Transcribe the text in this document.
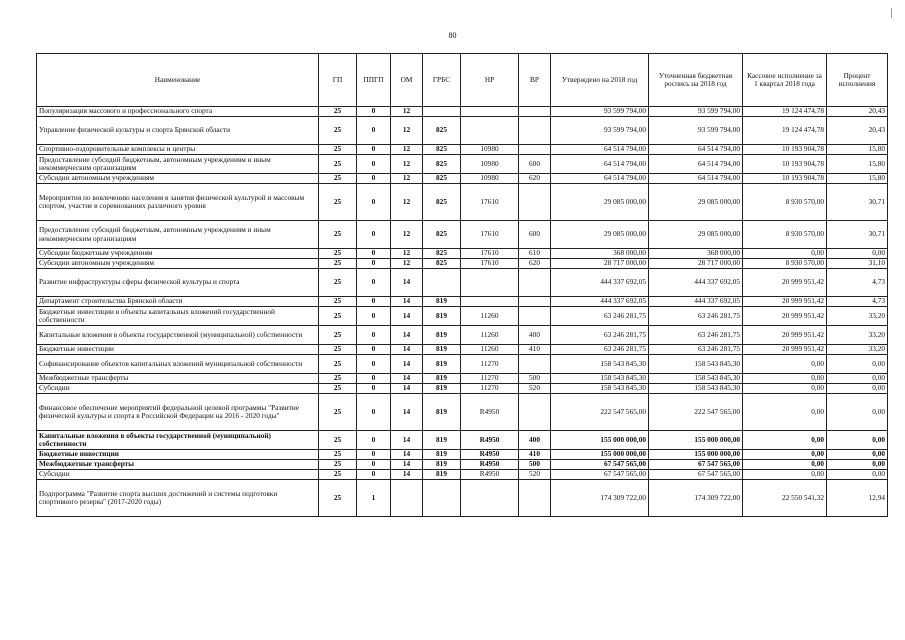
80
Наименование	ГП	ППГП	ОМ	ГРБС	НР	ВР	Утверждено на 2018 год	Уточненная бюджетная роспись на 2018 год	Кассовое исполнение за 1 квартал 2018 года	Процент исполнения
Популяризация массового и профессионального спорта	25	0	12				93 599 794,00	93 599 794,00	19 124 474,78	20,43
Управление физической культуры и спорта Брянской области	25	0	12	825			93 599 794,00	93 599 794,00	19 124 474,78	20,43
Спортивно-оздоровительные комплексы и центры	25	0	12	825	10980		64 514 794,00	64 514 794,00	10 193 904,78	15,80
Предоставление субсидий бюджетным, автономным учреждениям и иным некоммерческим организациям	25	0	12	825	10980	600	64 514 794,00	64 514 794,00	10 193 904,78	15,80
Субсидии автономным учреждениям	25	0	12	825	10980	620	64 514 794,00	64 514 794,00	10 193 904,78	15,80
Мероприятия по вовлечению населения в занятия физической культурой и массовым спортом, участие в соревнованиях различного уровня	25	0	12	825	17610		29 085 000,00	29 085 000,00	8 930 570,00	30,71
Предоставление субсидий бюджетным, автономным учреждениям и иным некоммерческим организациям	25	0	12	825	17610	600	29 085 000,00	29 085 000,00	8 930 570,00	30,71
Субсидии бюджетным учреждениям	25	0	12	825	17610	610	368 000,00	368 000,00	0,00	0,00
Субсидии автономным учреждениям	25	0	12	825	17610	620	28 717 000,00	28 717 000,00	8 930 570,00	31,10
Развитие инфраструктуры сферы физической культуры и спорта	25	0	14				444 337 692,05	444 337 692,05	20 999 951,42	4,73
Департамент строительства Брянской области	25	0	14	819			444 337 692,05	444 337 692,05	20 999 951,42	4,73
Бюджетные инвестиции в объекты капитальных вложений государственной собственности	25	0	14	819	11260		63 246 281,75	63 246 281,75	20 999 951,42	33,20
Капитальные вложения в объекты государственной (муниципальной) собственности	25	0	14	819	11260	400	63 246 281,75	63 246 281,75	20 999 951,42	33,20
Бюджетные инвестиции	25	0	14	819	11260	410	63 246 281,75	63 246 281,75	20 999 951,42	33,20
Софинансирование объектов капитальных вложений муниципальной собственности	25	0	14	819	11270		158 543 845,30	158 543 845,30	0,00	0,00
Межбюджетные трансферты	25	0	14	819	11270	500	158 543 845,30	158 543 845,30	0,00	0,00
Субсидии	25	0	14	819	11270	520	158 543 845,30	158 543 845,30	0,00	0,00
Финансовое обеспечение мероприятий федеральной целевой программы "Развитие физической культуры и спорта в Российской Федерации на 2016 - 2020 годы"	25	0	14	819	R4950		222 547 565,00	222 547 565,00	0,00	0,00
Капитальные вложения в объекты государственной (муниципальной) собственности	25	0	14	819	R4950	400	155 000 000,00	155 000 000,00	0,00	0,00
Бюджетные инвестиции	25	0	14	819	R4950	410	155 000 000,00	155 000 000,00	0,00	0,00
Межбюджетные трансферты	25	0	14	819	R4950	500	67 547 565,00	67 547 565,00	0,00	0,00
Субсидии	25	0	14	819	R4950	520	67 547 565,00	67 547 565,00	0,00	0,00
Подпрограмма "Развитие спорта высших достижений и системы подготовки спортивного резерва" (2017-2020 годы)	25	1					174 309 722,00	174 309 722,00	22 550 541,32	12,94
